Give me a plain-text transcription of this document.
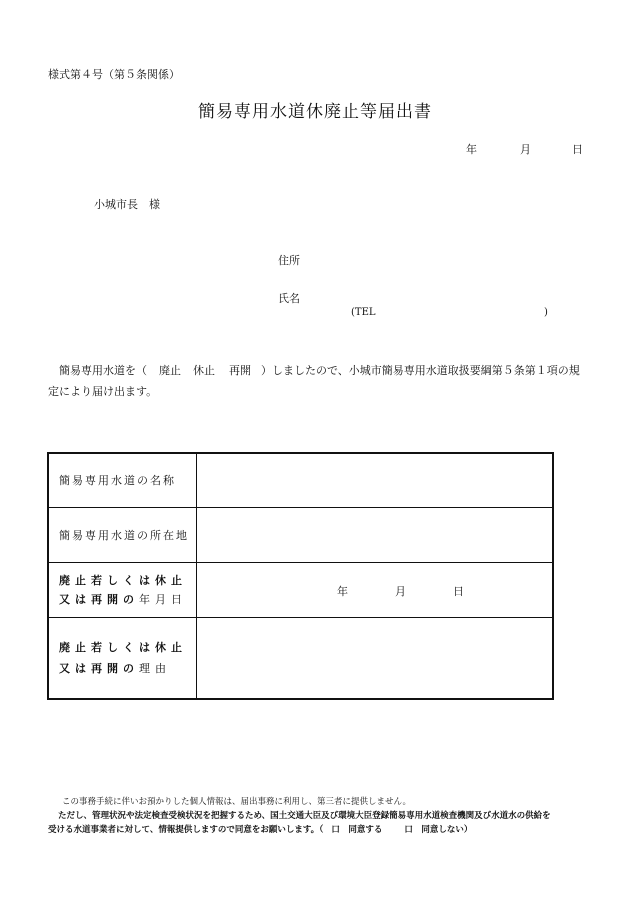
様式第４号（第５条関係）
簡易専用水道休廃止等届出書
年	月	日
小城市長　様
住所
氏名
(TEL	)
簡易専用水道を（ 廃止 休止 再開 ）しましたので、小城市簡易専用水道取扱要綱第５条第１項の規定により届け出ます。
簡易専用水道の名称	
簡易専用水道の所在地	
廃止若しくは休止
又は再開の年月日	年 月 日

廃止若しくは休止
又は再開の理由	
この事務手続に伴いお預かりした個人情報は、届出事務に利用し、第三者に提供しません。
ただし、管理状況や法定検査受検状況を把握するため、国土交通大臣及び環境大臣登録簡易専用水道検査機関及び水道水の供給を
受ける水道事業者に対して、情報提供しますので同意をお願いします。（ 口　同意する	口　同意しない）
